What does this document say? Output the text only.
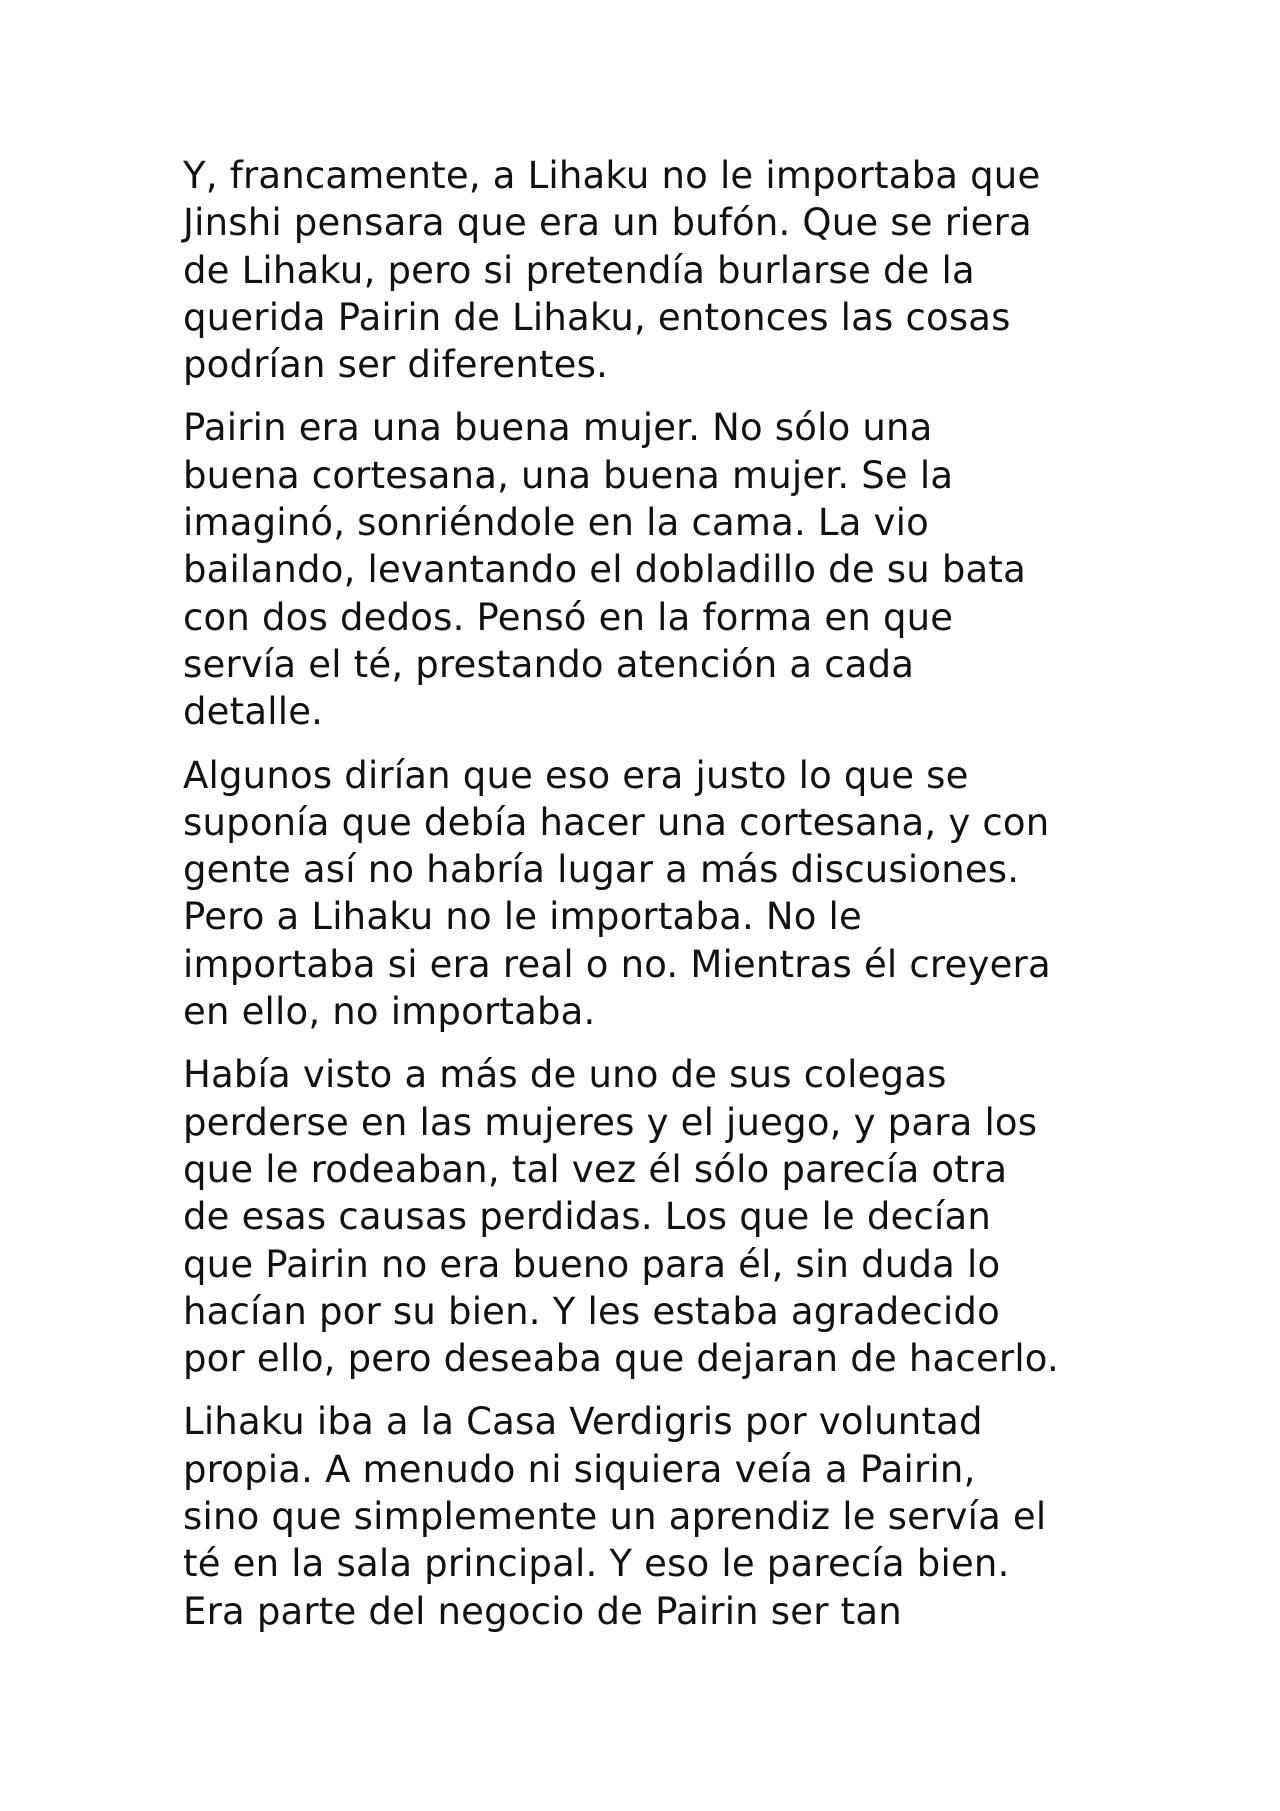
Y, francamente, a Lihaku no le importaba que
Jinshi pensara que era un bufón. Que se riera
de Lihaku, pero si pretendía burlarse de la
querida Pairin de Lihaku, entonces las cosas
podrían ser diferentes.

Pairin era una buena mujer. No sólo una
buena cortesana, una buena mujer. Se la
imaginó, sonriéndole en la cama. La vio
bailando, levantando el dobladillo de su bata
con dos dedos. Pensó en la forma en que
servía el té, prestando atención a cada
detalle.

Algunos dirían que eso era justo lo que se
suponía que debía hacer una cortesana, y con
gente así no habría lugar a más discusiones.
Pero a Lihaku no le importaba. No le
importaba si era real o no. Mientras él creyera
en ello, no importaba.

Había visto a más de uno de sus colegas
perderse en las mujeres y el juego, y para los
que le rodeaban, tal vez él sólo parecía otra
de esas causas perdidas. Los que le decían
que Pairin no era bueno para él, sin duda lo
hacían por su bien. Y les estaba agradecido
por ello, pero deseaba que dejaran de hacerlo.

Lihaku iba a la Casa Verdigris por voluntad
propia. A menudo ni siquiera veía a Pairin,
sino que simplemente un aprendiz le servía el
té en la sala principal. Y eso le parecía bien.
Era parte del negocio de Pairin ser tan
